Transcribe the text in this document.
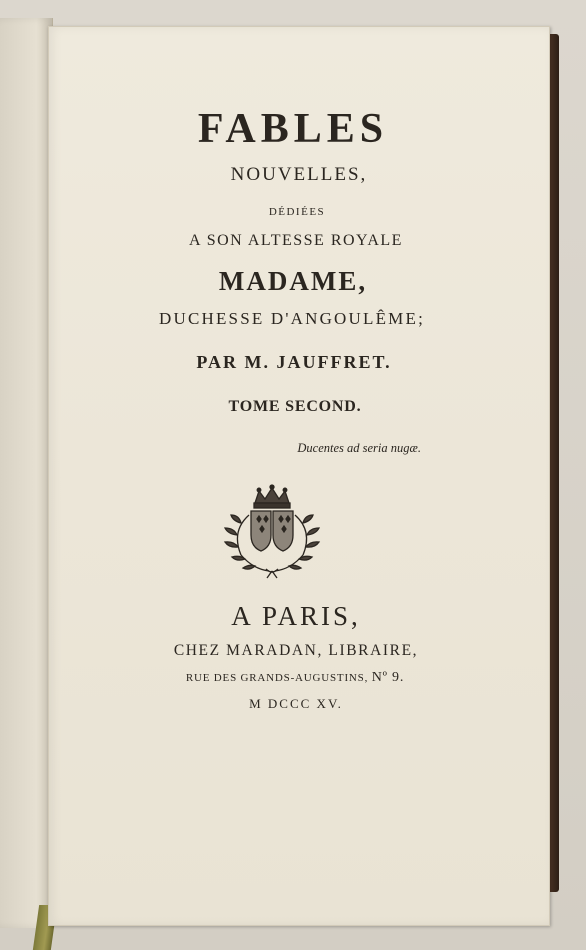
FABLES
NOUVELLES,
DÉDIÉES
A SON ALTESSE ROYALE
MADAME,
DUCHESSE D'ANGOULÊME;
PAR M. JAUFFRET.
TOME SECOND.
Ducentes ad seria nugæ.
A PARIS,
CHEZ MARADAN, LIBRAIRE,
RUE DES GRANDS-AUGUSTINS, Nº 9.
M DCCC XV.
